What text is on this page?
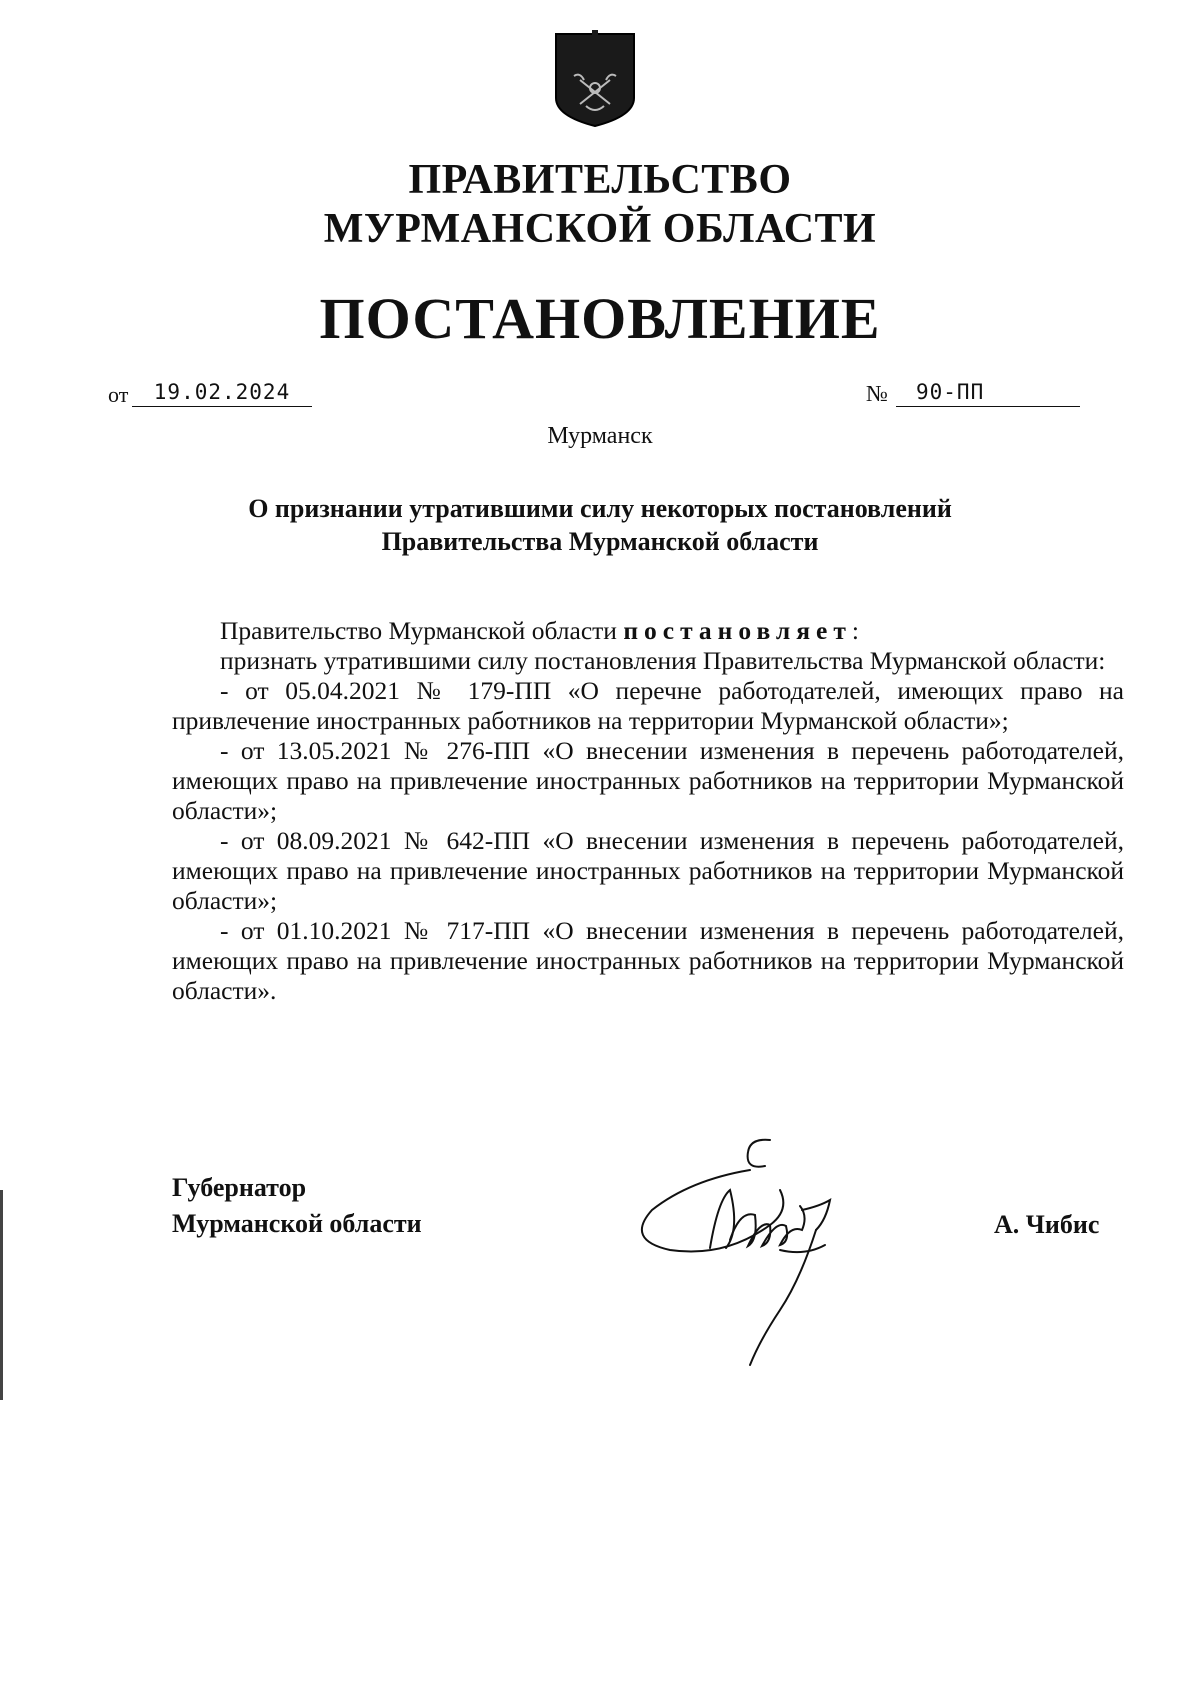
ПРАВИТЕЛЬСТВО
МУРМАНСКОЙ ОБЛАСТИ
ПОСТАНОВЛЕНИЕ
от	19.02.2024	№	90-ПП
Мурманск
О признании утратившими силу некоторых постановлений
Правительства Мурманской области

Правительство Мурманской области постановляет:

признать утратившими силу постановления Правительства Мурманской области:

- от 05.04.2021 № 179-ПП «О перечне работодателей, имеющих право на привлечение иностранных работников на территории Мурманской области»;

- от 13.05.2021 № 276-ПП «О внесении изменения в перечень работодателей, имеющих право на привлечение иностранных работников на территории Мурманской области»;

- от 08.09.2021 № 642-ПП «О внесении изменения в перечень работодателей, имеющих право на привлечение иностранных работников на территории Мурманской области»;

- от 01.10.2021 № 717-ПП «О внесении изменения в перечень работодателей, имеющих право на привлечение иностранных работников на территории Мурманской области».

Губернатор
Мурманской области	А. Чибис
